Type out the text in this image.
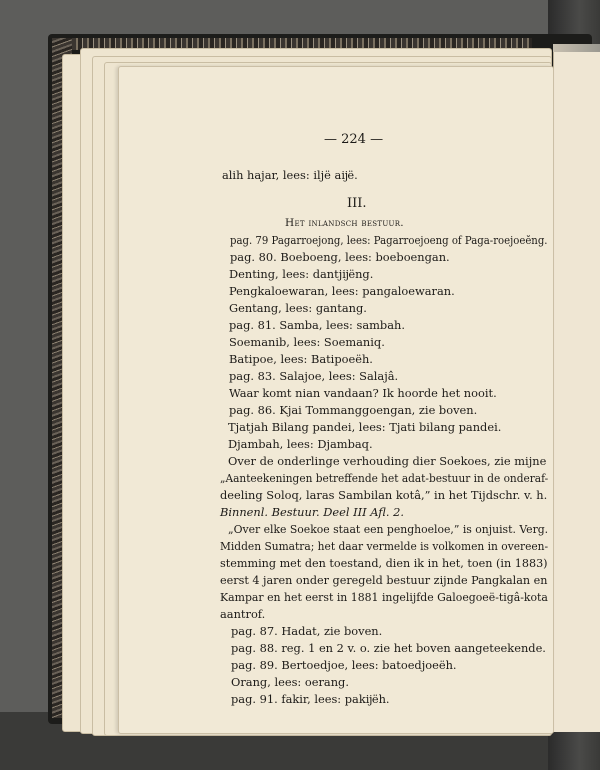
— 224 —
alih hajar, lees: iljë aĳë.
III.
Het inlandsch bestuur.
pag. 79 Pagarroejong, lees: Pagarroejoeng of Paga-roejoeĕng.
pag. 80. Boeboeng, lees: boeboengan.
Denting, lees: dantjĳëng.
Pengkaloewaran, lees: pangaloewaran.
Gentang, lees: gantang.
pag. 81. Samba, lees: sambah.
Soemanib, lees: Soemaniq.
Batipoe, lees: Batipoeëh.
pag. 83. Salajoe, lees: Salajâ.
Waar komt nian vandaan? Ik hoorde het nooit.
pag. 86. Kjai Tommanggoengan, zie boven.
Tjatjah Bilang pandei, lees: Tjati bilang pandei.
Djambah, lees: Djambaq.
Over de onderlinge verhouding dier Soekoes, zie mijne
„Aanteekeningen betreffende het adat-bestuur in de onderaf-
deeling Soloq, laras Sambilan kotâ,” in het Tijdschr. v. h.
Binnenl. Bestuur. Deel III Afl. 2.
„Over elke Soekoe staat een penghoeloe,” is onjuist. Verg.
Midden Sumatra; het daar vermelde is volkomen in overeen-
stemming met den toestand, dien ik in het, toen (in 1883)
eerst 4 jaren onder geregeld bestuur zijnde Pangkalan en
Kampar en het eerst in 1881 ingelijfde Galoegoeë-tigâ-kota
aantrof.
pag. 87. Hadat, zie boven.
pag. 88. reg. 1 en 2 v. o. zie het boven aangeteekende.
pag. 89. Bertoedjoe, lees: batoedjoeëh.
Orang, lees: oerang.
pag. 91. fakir, lees: pakĳëh.
